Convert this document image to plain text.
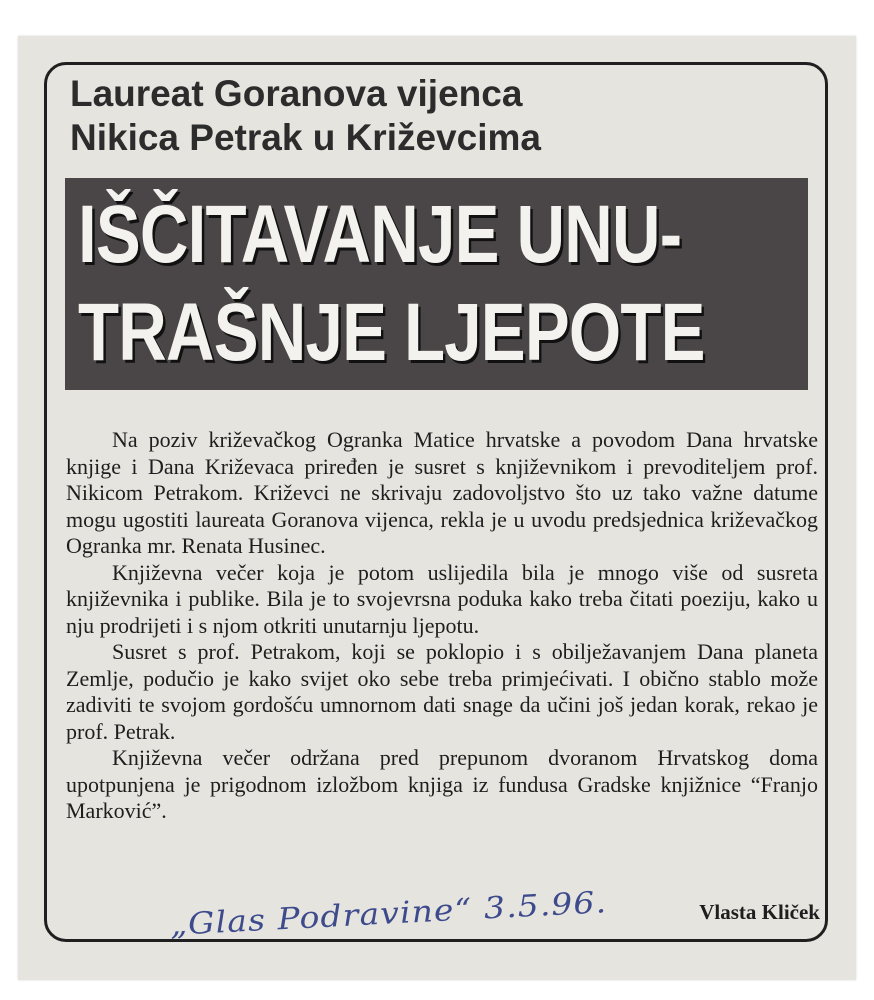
Laureat Goranova vijenca
Nikica Petrak u Križevcima
IŠČITAVANJE UNU-
TRAŠNJE LJEPOTE

Na poziv križevačkog Ogranka Matice hrvatske a povodom Dana hrvatske knjige i Dana Križevaca priređen je susret s književnikom i prevoditeljem prof. Nikicom Petrakom. Križevci ne skrivaju zadovoljstvo što uz tako važne datume mogu ugostiti laureata Goranova vijenca, rekla je u uvodu predsjednica križevačkog Ogranka mr. Renata Husinec.

Književna večer koja je potom uslijedila bila je mnogo više od susreta književnika i publike. Bila je to svojevrsna poduka kako treba čitati poeziju, kako u nju prodrijeti i s njom otkriti unutarnju ljepotu.

Susret s prof. Petrakom, koji se poklopio i s obilježavanjem Dana planeta Zemlje, podučio je kako svijet oko sebe treba primjećivati. I obično stablo može zadiviti te svojom gordošću umnornom dati snage da učini još jedan korak, rekao je prof. Petrak.

Književna večer održana pred prepunom dvoranom Hrvatskog doma upotpunjena je prigodnom izložbom knjiga iz fundusa Gradske knjižnice “Franjo Marković”.

Vlasta Kliček
„Glas Podravine“ 3.5.96.
